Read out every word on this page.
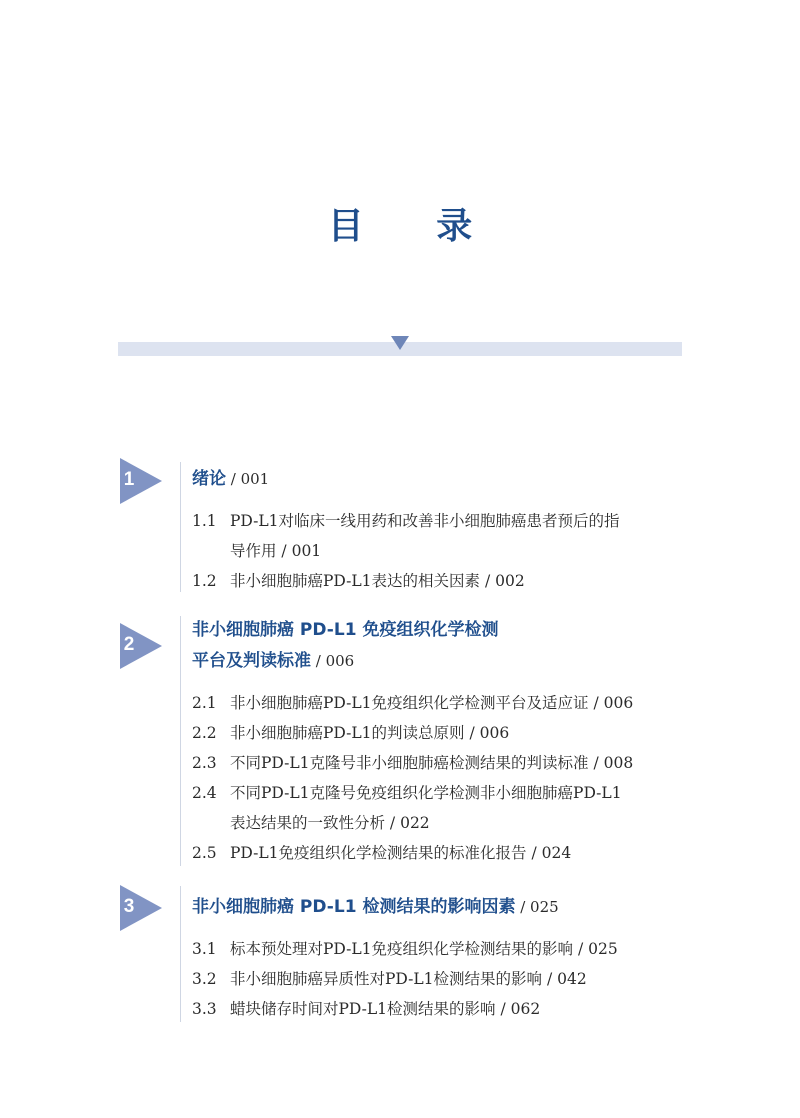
目 录
1	绪论 / 001
1.1 PD-L1对临床一线用药和改善非小细胞肺癌患者预后的指
导作用 / 001
1.2 非小细胞肺癌PD-L1表达的相关因素 / 002
2
非小细胞肺癌 PD-L1 免疫组织化学检测
平台及判读标准 / 006
2.1 非小细胞肺癌PD-L1免疫组织化学检测平台及适应证 / 006
2.2 非小细胞肺癌PD-L1的判读总原则 / 006
2.3 不同PD-L1克隆号非小细胞肺癌检测结果的判读标准 / 008
2.4 不同PD-L1克隆号免疫组织化学检测非小细胞肺癌PD-L1
表达结果的一致性分析 / 022
2.5 PD-L1免疫组织化学检测结果的标准化报告 / 024
3	非小细胞肺癌 PD-L1 检测结果的影响因素 / 025
3.1 标本预处理对PD-L1免疫组织化学检测结果的影响 / 025
3.2 非小细胞肺癌异质性对PD-L1检测结果的影响 / 042
3.3 蜡块储存时间对PD-L1检测结果的影响 / 062
